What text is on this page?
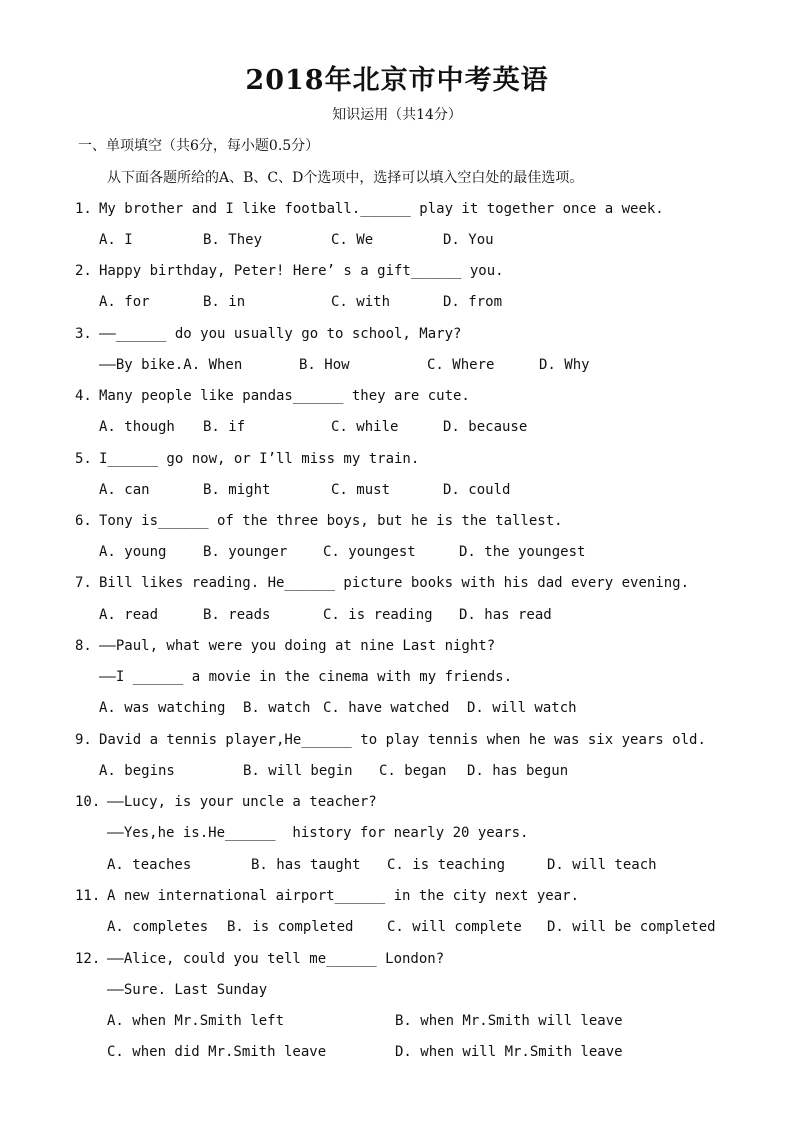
2018年北京市中考英语
知识运用（共14分）
一、单项填空（共6分，每小题0.5分）
从下面各题所给的A、B、C、D个选项中，选择可以填入空白处的最佳选项。
1. My brother and I like football.______ play it together once a week.
A. I	B. They	C. We	D. You
2. Happy birthday, Peter! Here’ s a gift______ you.
A. for	B. in	C. with	D. from
3. ——______ do you usually go to school, Mary?
——By bike.A. When	B. How	C. Where	D. Why
4. Many people like pandas______ they are cute.
A. though B. if	C. while	D. because
5. I______ go now, or I’ll miss my train.
A. can	B. might	C. must	D. could
6. Tony is______ of the three boys, but he is the tallest.
A. young	B. younger	C. youngest	D. the youngest
7. Bill likes reading. He______ picture books with his dad every evening.
A. read	B. reads	C. is reading D. has read
8. ——Paul, what were you doing at nine Last night?
——I ______ a movie in the cinema with my friends.
A. was watching B. watch C. have watched D. will watch
9. David a tennis player,He______ to play tennis when he was six years old.
A. begins	B. will begin C. began D. has begun
10. ——Lucy, is your uncle a teacher?
——Yes,he is.He______  history for nearly 20 years.
A. teaches	B. has taught C. is teaching	D. will teach
11. A new international airport______ in the city next year.
A. completes B. is completed C. will complete D. will be completed
12. ——Alice, could you tell me______ London?
——Sure. Last Sunday
A. when Mr.Smith left	B. when Mr.Smith will leave
C. when did Mr.Smith leave	D. when will Mr.Smith leave
